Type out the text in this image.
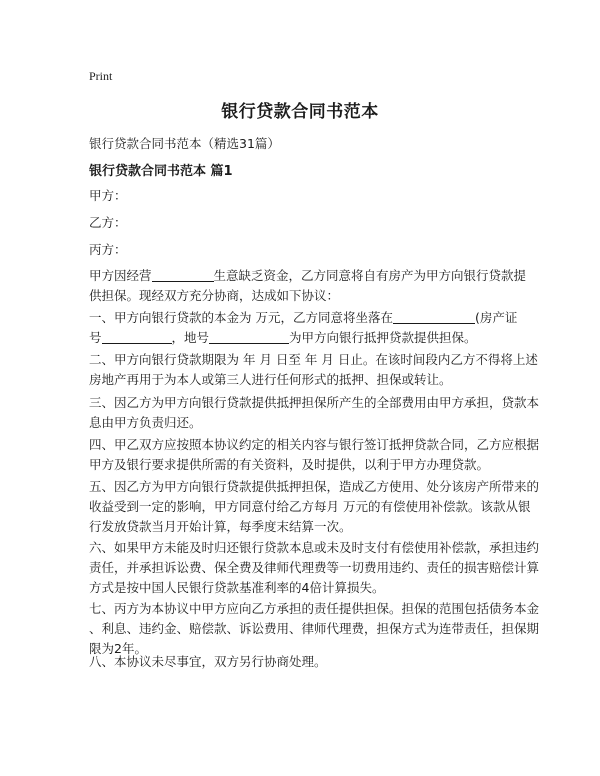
Print
银行贷款合同书范本
银行贷款合同书范本（精选31篇）
银行贷款合同书范本 篇1
甲方：
乙方：
丙方：
甲方因经营	生意缺乏资金，乙方同意将自有房产为甲方向银行贷款提
供担保。现经双方充分协商，达成如下协议：
一、甲方向银行贷款的本金为 万元，乙方同意将坐落在	(房产证
号	，地号	为甲方向银行抵押贷款提供担保。
二、甲方向银行贷款期限为 年 月 日至 年 月 日止。在该时间段内乙方不得将上述
房地产再用于为本人或第三人进行任何形式的抵押、担保或转让。
三、因乙方为甲方向银行贷款提供抵押担保所产生的全部费用由甲方承担，贷款本
息由甲方负责归还。
四、甲乙双方应按照本协议约定的相关内容与银行签订抵押贷款合同，乙方应根据
甲方及银行要求提供所需的有关资料，及时提供，以利于甲方办理贷款。
五、因乙方为甲方向银行贷款提供抵押担保，造成乙方使用、处分该房产所带来的
收益受到一定的影响，甲方同意付给乙方每月 万元的有偿使用补偿款。该款从银
行发放贷款当月开始计算，每季度末结算一次。
六、如果甲方未能及时归还银行贷款本息或未及时支付有偿使用补偿款，承担违约
责任，并承担诉讼费、保全费及律师代理费等一切费用违约、责任的损害赔偿计算
方式是按中国人民银行贷款基准利率的4倍计算损失。
七、丙方为本协议中甲方应向乙方承担的责任提供担保。担保的范围包括债务本金
、利息、违约金、赔偿款、诉讼费用、律师代理费，担保方式为连带责任，担保期
限为2年。
八、本协议未尽事宜，双方另行协商处理。
